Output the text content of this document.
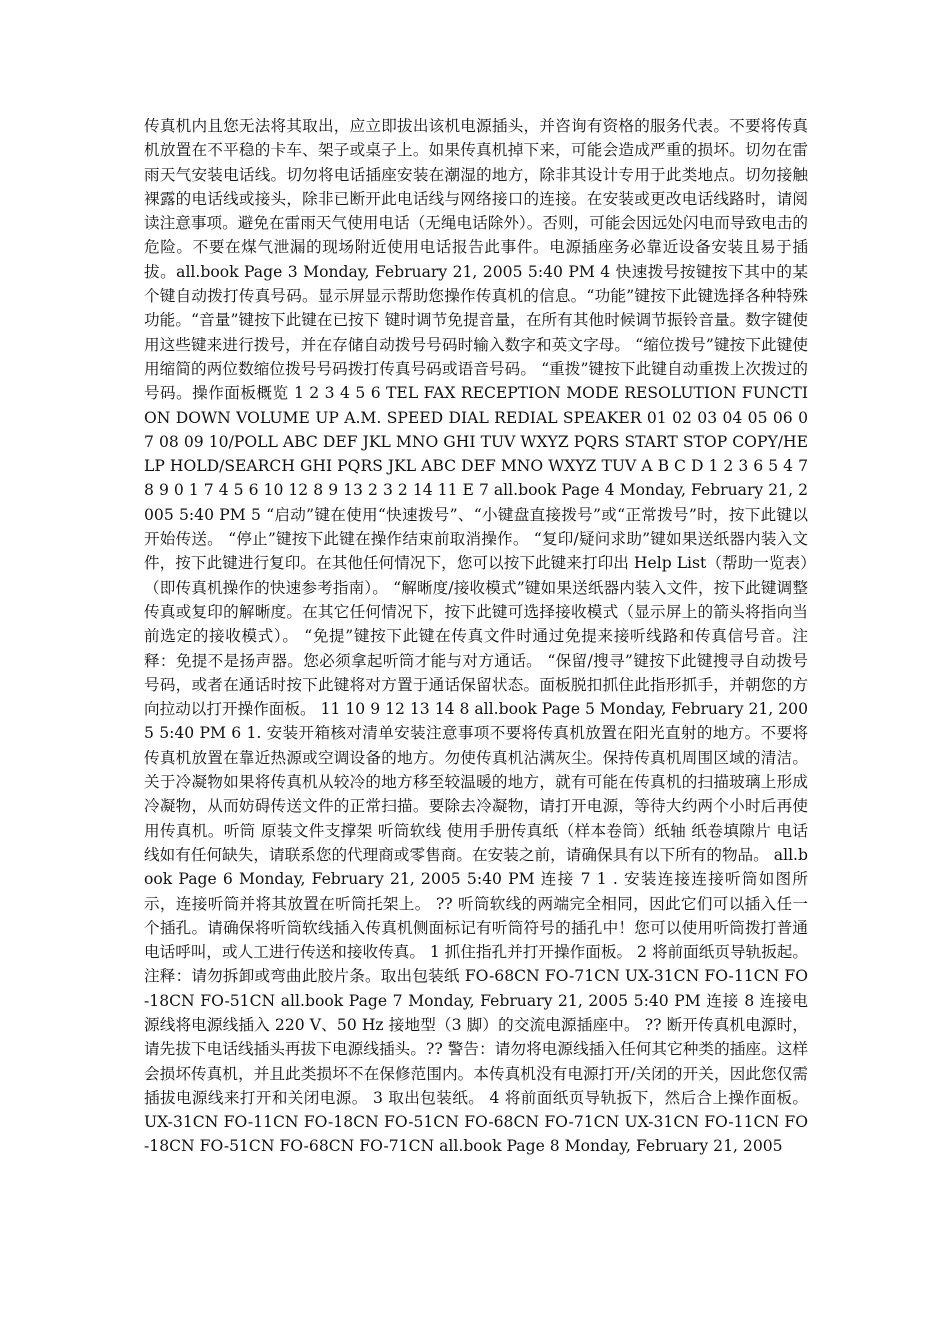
传真机内且您无法将其取出，应立即拔出该机电源插头，并咨询有资格的服务代表。不要将传真机放置在不平稳的卡车、架子或桌子上。如果传真机掉下来，可能会造成严重的损坏。切勿在雷雨天气安装电话线。切勿将电话插座安装在潮湿的地方，除非其设计专用于此类地点。切勿接触裸露的电话线或接头，除非已断开此电话线与网络接口的连接。在安装或更改电话线路时，请阅读注意事项。避免在雷雨天气使用电话（无绳电话除外）。否则，可能会因远处闪电而导致电击的危险。不要在煤气泄漏的现场附近使用电话报告此事件。电源插座务必靠近设备安装且易于插拔。all.book Page 3 Monday, February 21, 2005 5:40 PM 4 快速拨号按键按下其中的某个键自动拨打传真号码。显示屏显示帮助您操作传真机的信息。“功能”键按下此键选择各种特殊功能。“音量”键按下此键在已按下 键时调节免提音量，在所有其他时候调节振铃音量。数字键使用这些键来进行拨号，并在存储自动拨号号码时输入数字和英文字母。 “缩位拨号”键按下此键使用缩简的两位数缩位拨号号码拨打传真号码或语音号码。 “重拨”键按下此键自动重拨上次拨过的号码。操作面板概览 1 2 3 4 5 6 TEL FAX RECEPTION MODE RESOLUTION FUNCTION DOWN VOLUME UP A.M. SPEED DIAL REDIAL SPEAKER 01 02 03 04 05 06 07 08 09 10/POLL ABC DEF JKL MNO GHI TUV WXYZ PQRS START STOP COPY/HELP HOLD/SEARCH GHI PQRS JKL ABC DEF MNO WXYZ TUV A B C D 1 2 3 6 5 4 7 8 9 0 1 7 4 5 6 10 12 8 9 13 2 3 2 14 11 E 7 all.book Page 4 Monday, February 21, 2005 5:40 PM 5 “启动”键在使用“快速拨号”、“小键盘直接拨号”或“正常拨号”时，按下此键以开始传送。 “停止”键按下此键在操作结束前取消操作。 “复印/疑问求助”键如果送纸器内装入文件，按下此键进行复印。在其他任何情况下，您可以按下此键来打印出 Help List（帮助一览表）（即传真机操作的快速参考指南）。 “解晰度/接收模式”键如果送纸器内装入文件，按下此键调整传真或复印的解晰度。在其它任何情况下，按下此键可选择接收模式（显示屏上的箭头将指向当前选定的接收模式）。 “免提”键按下此键在传真文件时通过免提来接听线路和传真信号音。注释：免提不是扬声器。您必须拿起听筒才能与对方通话。 “保留/搜寻”键按下此键搜寻自动拨号号码，或者在通话时按下此键将对方置于通话保留状态。面板脱扣抓住此指形抓手，并朝您的方向拉动以打开操作面板。 11 10 9 12 13 14 8 all.book Page 5 Monday, February 21, 2005 5:40 PM 6 1. 安装开箱核对清单安装注意事项不要将传真机放置在阳光直射的地方。不要将传真机放置在靠近热源或空调设备的地方。勿使传真机沾满灰尘。保持传真机周围区域的清洁。关于冷凝物如果将传真机从较冷的地方移至较温暖的地方，就有可能在传真机的扫描玻璃上形成冷凝物，从而妨碍传送文件的正常扫描。要除去冷凝物，请打开电源，等待大约两个小时后再使用传真机。听筒 原装文件支撑架 听筒软线 使用手册传真纸（样本卷筒）纸轴 纸卷填隙片 电话线如有任何缺失，请联系您的代理商或零售商。在安装之前，请确保具有以下所有的物品。 all.book Page 6 Monday, February 21, 2005 5:40 PM 连接 7 1 . 安装连接连接听筒如图所示，连接听筒并将其放置在听筒托架上。 ?? 听筒软线的两端完全相同，因此它们可以插入任一个插孔。请确保将听筒软线插入传真机侧面标记有听筒符号的插孔中！您可以使用听筒拨打普通电话呼叫，或人工进行传送和接收传真。 1 抓住指孔并打开操作面板。 2 将前面纸页导轨扳起。注释：请勿拆卸或弯曲此胶片条。取出包装纸 FO-68CN FO-71CN UX-31CN FO-11CN FO-18CN FO-51CN all.book Page 7 Monday, February 21, 2005 5:40 PM 连接 8 连接电源线将电源线插入 220 V、50 Hz 接地型（3 脚）的交流电源插座中。 ?? 断开传真机电源时，请先拔下电话线插头再拔下电源线插头。?? 警告：请勿将电源线插入任何其它种类的插座。这样会损坏传真机，并且此类损坏不在保修范围内。本传真机没有电源打开/关闭的开关，因此您仅需插拔电源线来打开和关闭电源。 3 取出包装纸。 4 将前面纸页导轨扳下，然后合上操作面板。 UX-31CN FO-11CN FO-18CN FO-51CN FO-68CN FO-71CN UX-31CN FO-11CN FO-18CN FO-51CN FO-68CN FO-71CN all.book Page 8 Monday, February 21, 2005
